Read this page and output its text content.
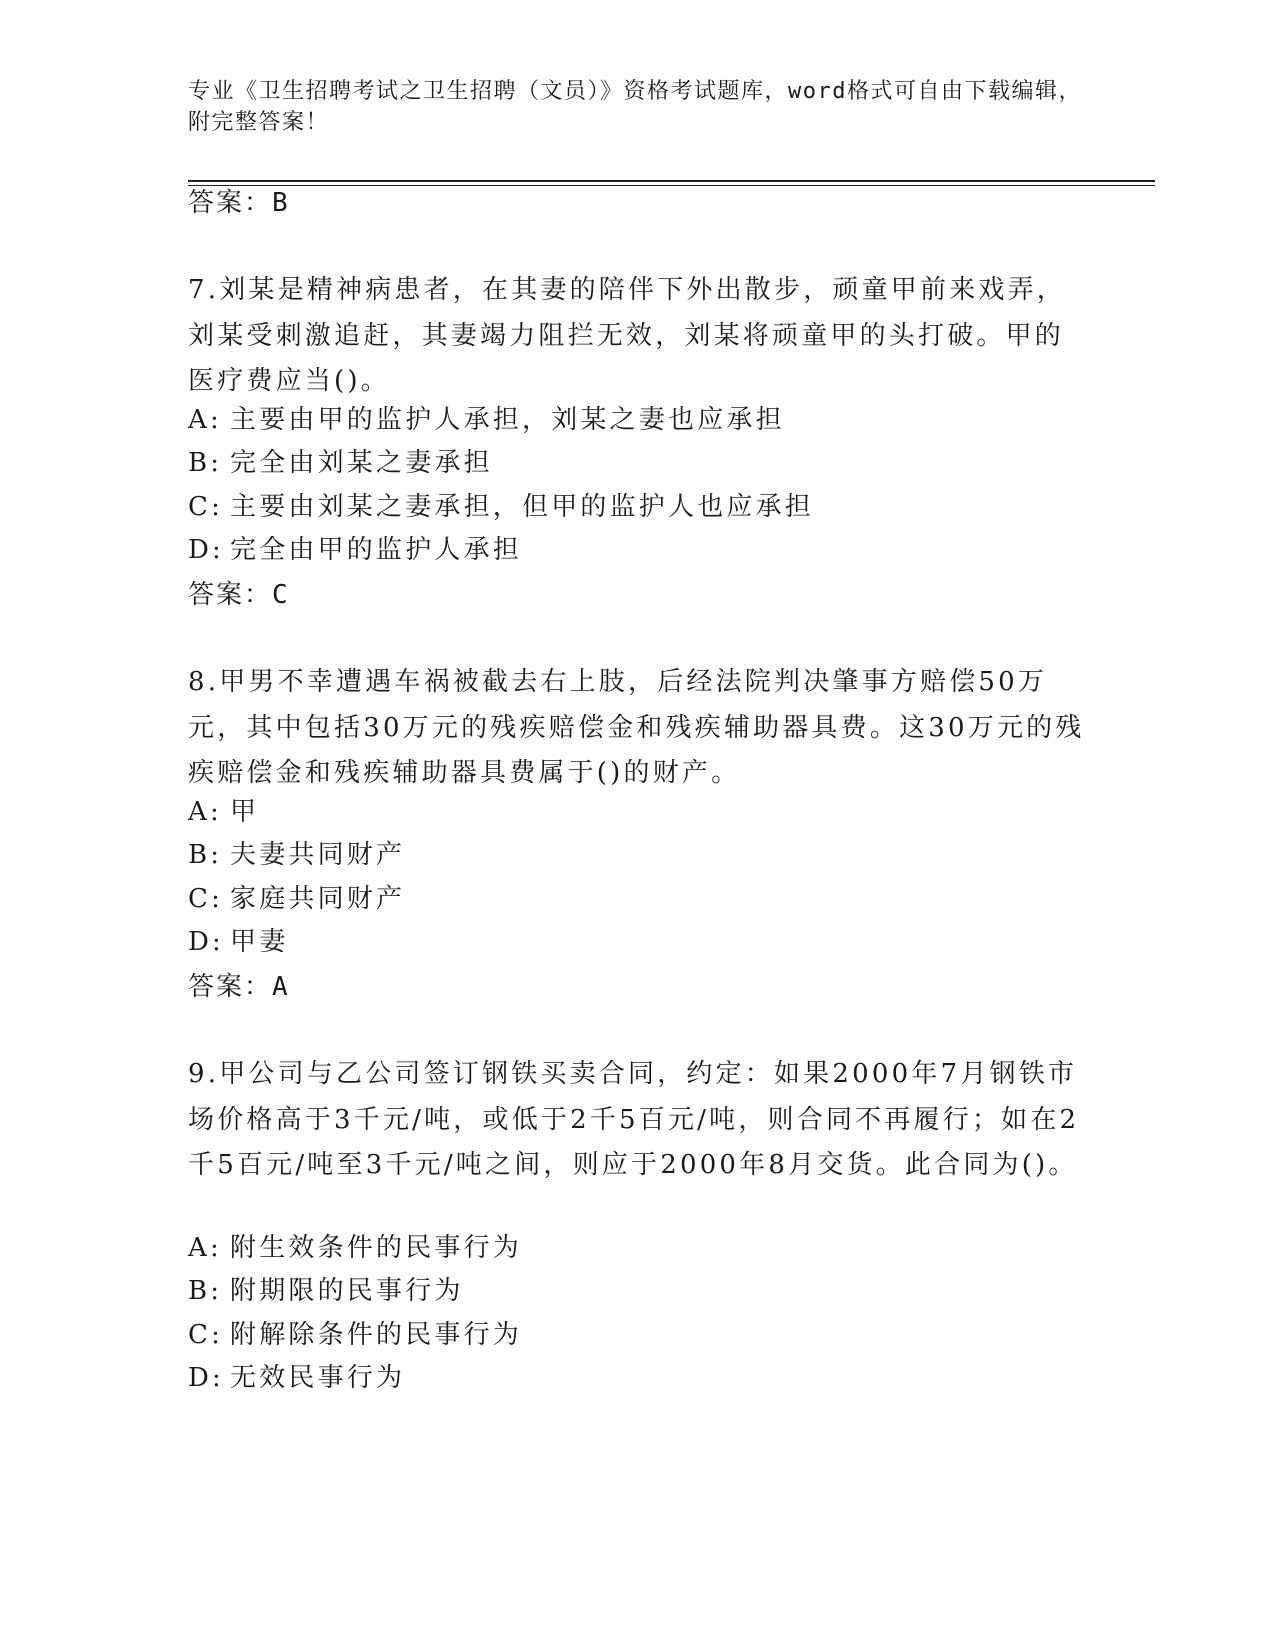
专业《卫生招聘考试之卫生招聘（文员）》资格考试题库，word格式可自由下载编辑，附完整答案！
答案：B
7.刘某是精神病患者，在其妻的陪伴下外出散步，顽童甲前来戏弄，刘某受刺激追赶，其妻竭力阻拦无效，刘某将顽童甲的头打破。甲的医疗费应当()。
A: 主要由甲的监护人承担，刘某之妻也应承担
B: 完全由刘某之妻承担
C: 主要由刘某之妻承担，但甲的监护人也应承担
D: 完全由甲的监护人承担
答案：C
8.甲男不幸遭遇车祸被截去右上肢，后经法院判决肇事方赔偿50万元，其中包括30万元的残疾赔偿金和残疾辅助器具费。这30万元的残疾赔偿金和残疾辅助器具费属于()的财产。
A: 甲
B: 夫妻共同财产
C: 家庭共同财产
D: 甲妻
答案：A
9.甲公司与乙公司签订钢铁买卖合同，约定：如果2000年7月钢铁市场价格高于3千元/吨，或低于2千5百元/吨，则合同不再履行；如在2千5百元/吨至3千元/吨之间，则应于2000年8月交货。此合同为()。
A: 附生效条件的民事行为
B: 附期限的民事行为
C: 附解除条件的民事行为
D: 无效民事行为
